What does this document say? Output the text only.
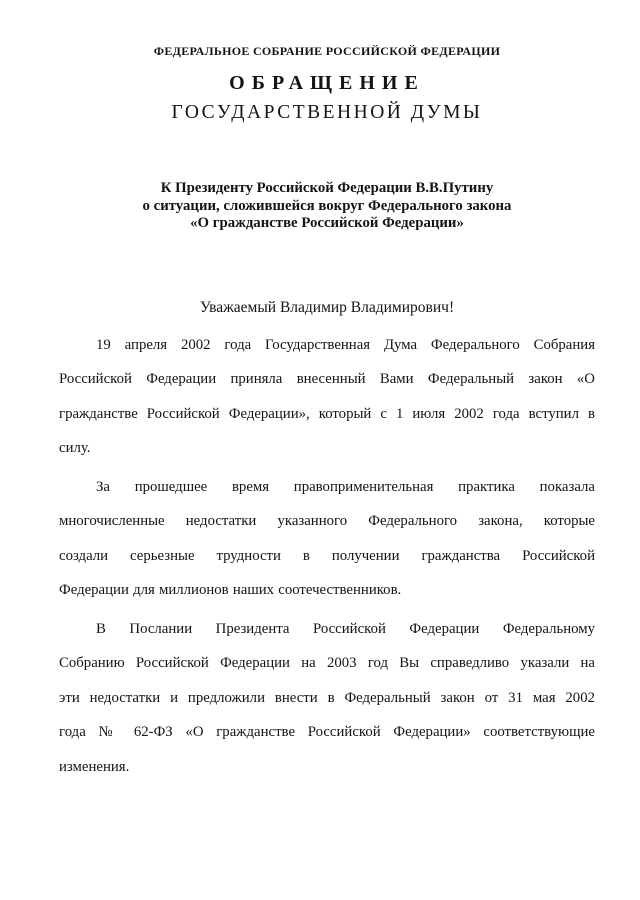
ФЕДЕРАЛЬНОЕ СОБРАНИЕ РОССИЙСКОЙ ФЕДЕРАЦИИ
ОБРАЩЕНИЕ
ГОСУДАРСТВЕННОЙ ДУМЫ
К Президенту Российской Федерации В.В.Путину
о ситуации, сложившейся вокруг Федерального закона
«О гражданстве Российской Федерации»
Уважаемый Владимир Владимирович!
19 апреля 2002 года Государственная Дума Федерального Собрания
Российской Федерации приняла внесенный Вами Федеральный закон «О
гражданстве Российской Федерации», который с 1 июля 2002 года вступил в
силу.
За прошедшее время правоприменительная практика показала
многочисленные недостатки указанного Федерального закона, которые
создали серьезные трудности в получении гражданства Российской
Федерации для миллионов наших соотечественников.
В Послании Президента Российской Федерации Федеральному
Собранию Российской Федерации на 2003 год Вы справедливо указали на
эти недостатки и предложили внести в Федеральный закон от 31 мая 2002
года № 62-ФЗ «О гражданстве Российской Федерации» соответствующие
изменения.
